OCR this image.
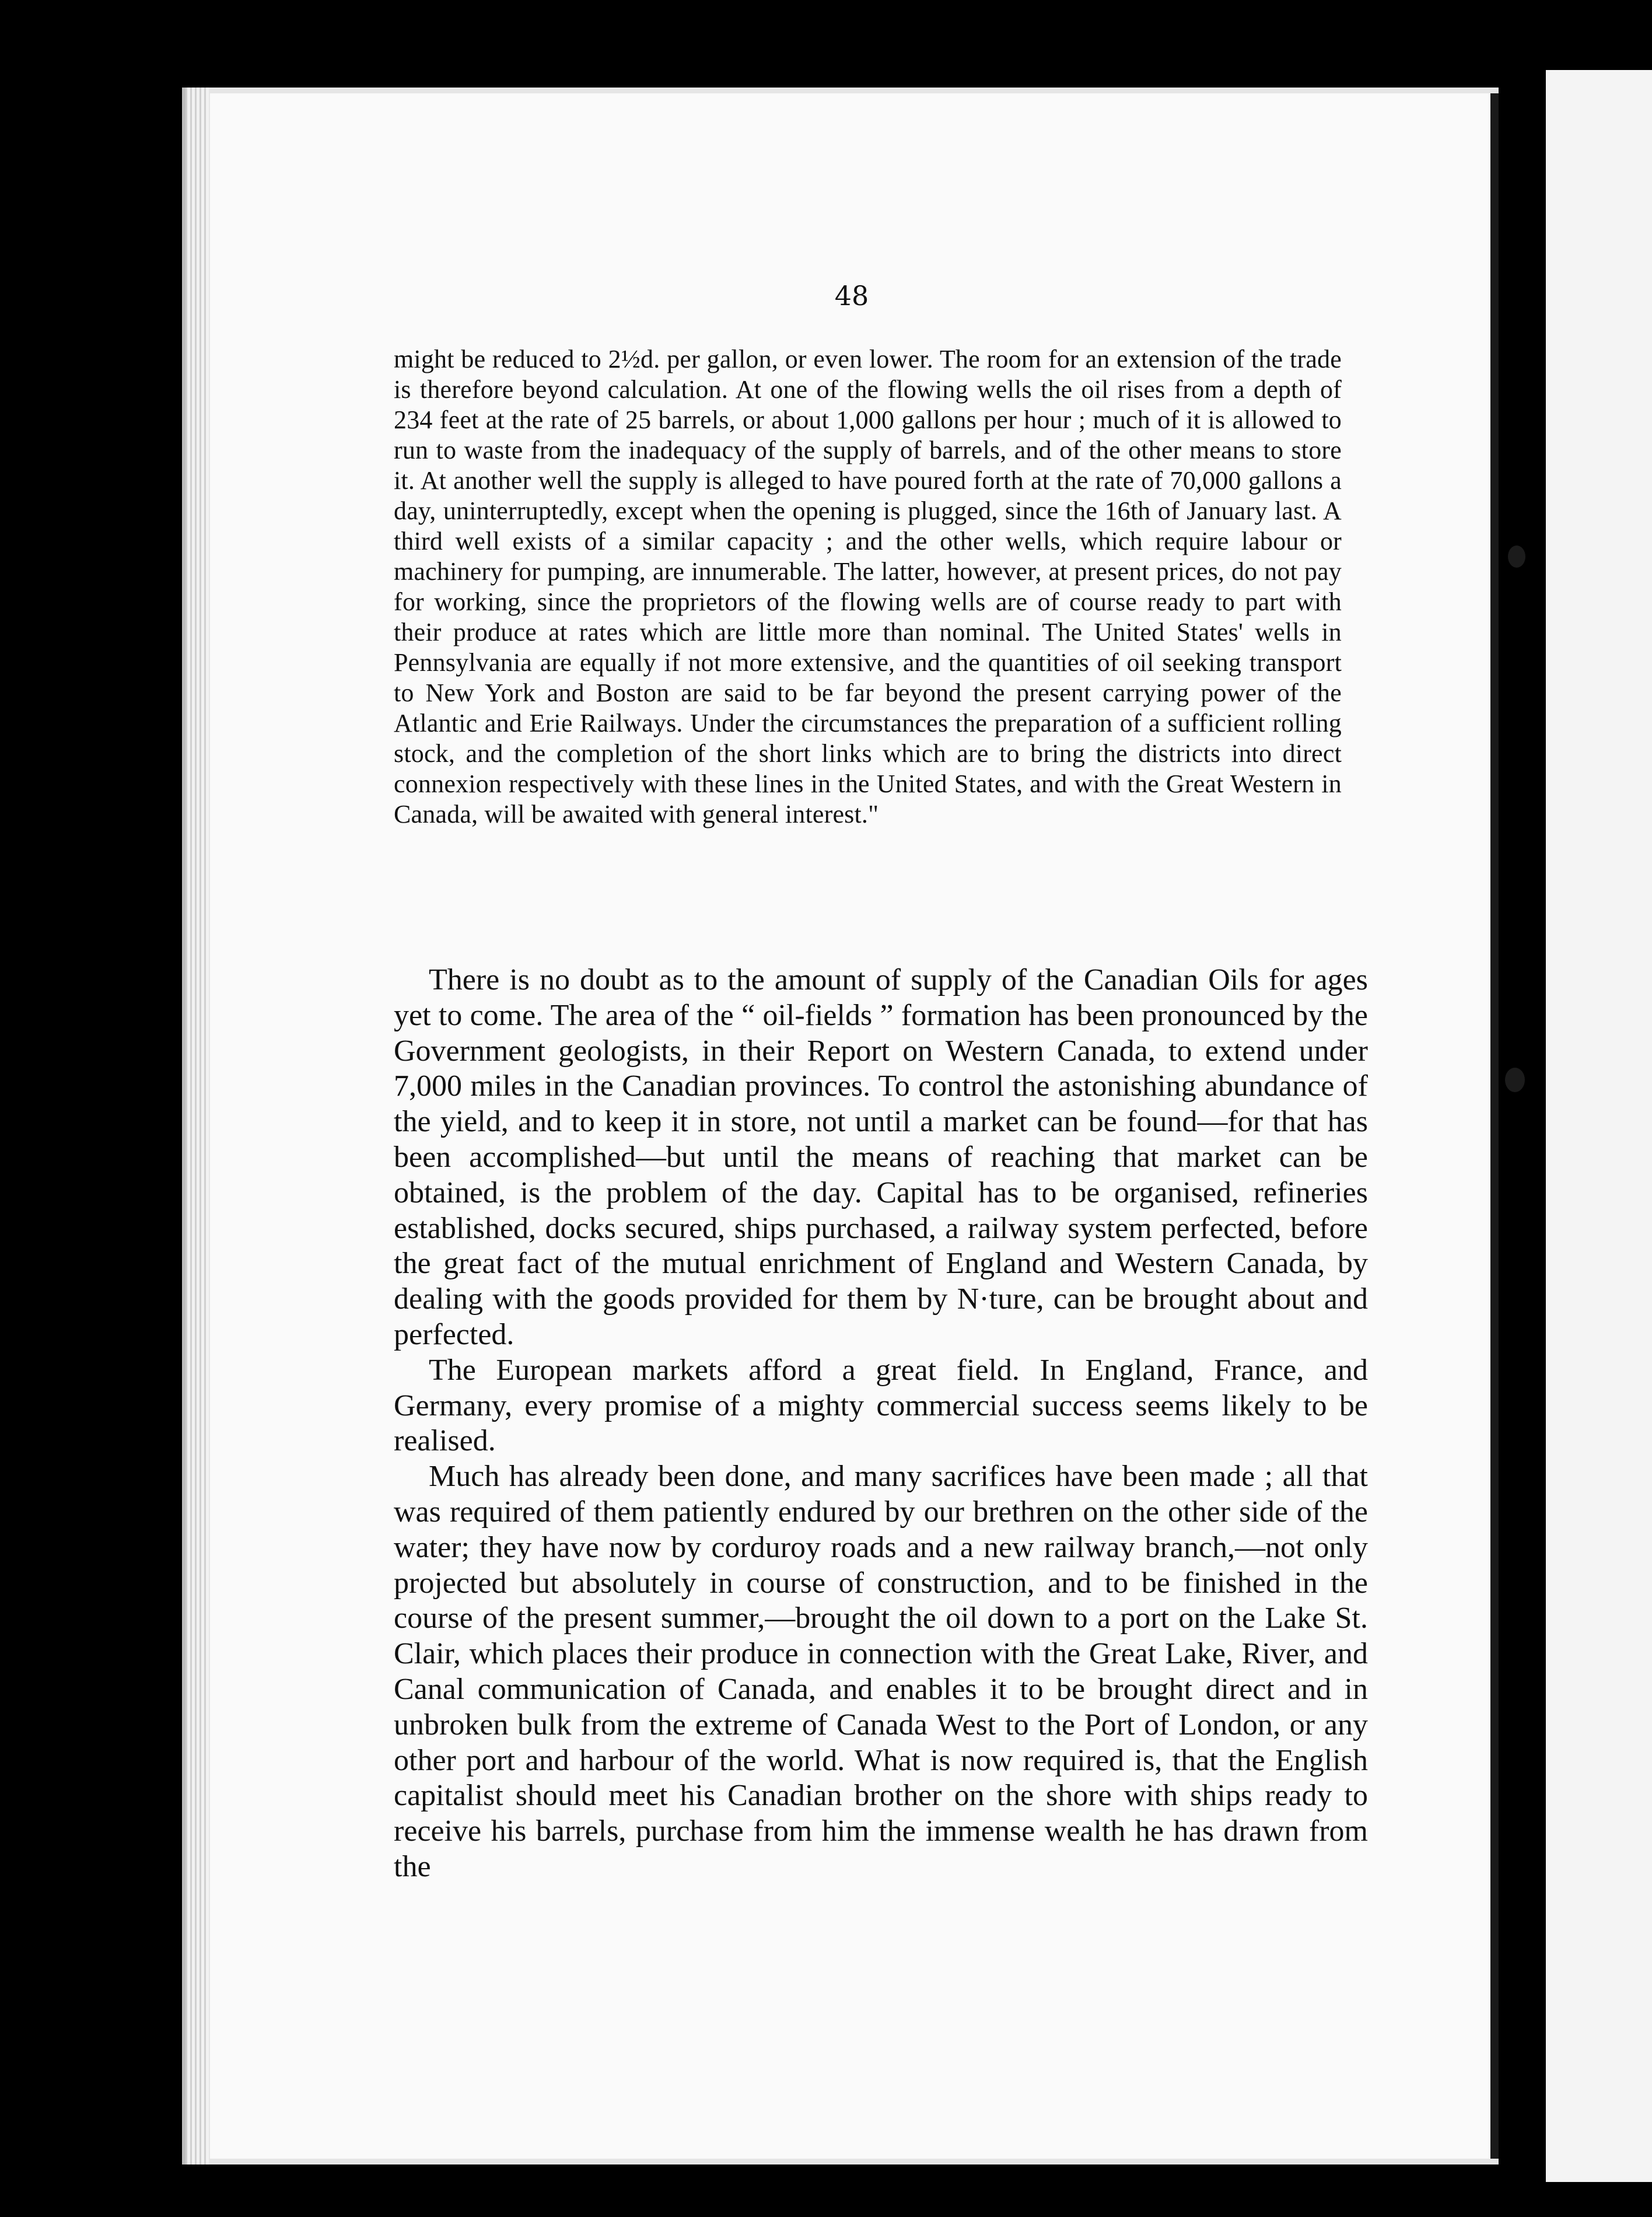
48

might be reduced to 2½d. per gallon, or even lower. The room for an extension of the trade is therefore beyond calculation. At one of the flowing wells the oil rises from a depth of 234 feet at the rate of 25 barrels, or about 1,000 gallons per hour ; much of it is allowed to run to waste from the inadequacy of the supply of barrels, and of the other means to store it. At another well the supply is alleged to have poured forth at the rate of 70,000 gallons a day, uninterruptedly, except when the opening is plugged, since the 16th of January last. A third well exists of a similar capacity ; and the other wells, which require labour or machinery for pumping, are innumerable. The latter, however, at present prices, do not pay for working, since the proprietors of the flowing wells are of course ready to part with their produce at rates which are little more than nominal. The United States' wells in Pennsylvania are equally if not more extensive, and the quantities of oil seeking transport to New York and Boston are said to be far beyond the present carrying power of the Atlantic and Erie Railways. Under the circumstances the preparation of a sufficient rolling stock, and the completion of the short links which are to bring the districts into direct connexion respectively with these lines in the United States, and with the Great Western in Canada, will be awaited with general interest."

There is no doubt as to the amount of supply of the Canadian Oils for ages yet to come. The area of the “ oil-fields ” formation has been pronounced by the Government geologists, in their Report on Western Canada, to extend under 7,000 miles in the Canadian provinces. To control the astonishing abundance of the yield, and to keep it in store, not until a market can be found—for that has been accomplished—but until the means of reaching that market can be obtained, is the problem of the day. Capital has to be organised, refineries established, docks secured, ships purchased, a railway system perfected, before the great fact of the mutual enrichment of England and Western Canada, by dealing with the goods provided for them by N·ture, can be brought about and perfected.

The European markets afford a great field. In England, France, and Germany, every promise of a mighty commercial success seems likely to be realised.

Much has already been done, and many sacrifices have been made ; all that was required of them patiently endured by our brethren on the other side of the water; they have now by corduroy roads and a new railway branch,—not only projected but absolutely in course of construction, and to be finished in the course of the present summer,—brought the oil down to a port on the Lake St. Clair, which places their produce in connection with the Great Lake, River, and Canal communication of Canada, and enables it to be brought direct and in unbroken bulk from the extreme of Canada West to the Port of London, or any other port and harbour of the world. What is now required is, that the English capitalist should meet his Canadian brother on the shore with ships ready to receive his barrels, purchase from him the immense wealth he has drawn from the
